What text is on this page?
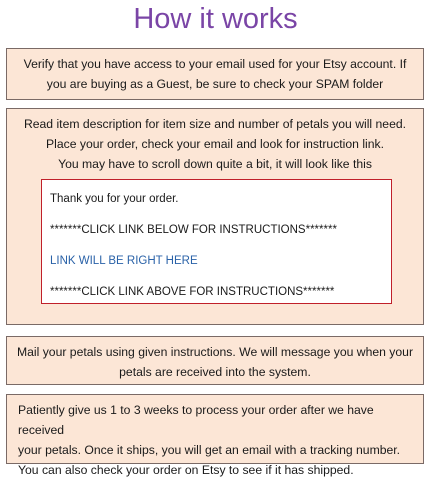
How it works

Verify that you have access to your email used for your Etsy account. If

you are buying as a Guest, be sure to check your SPAM folder

Read item description for item size and number of petals you will need.

Place your order, check your email and look for instruction link.

You may have to scroll down quite a bit, it will look like this

Thank you for your order.
*******CLICK LINK BELOW FOR INSTRUCTIONS*******
LINK WILL BE RIGHT HERE
*******CLICK LINK ABOVE FOR INSTRUCTIONS*******

Mail your petals using given instructions. We will message you when your

petals are received into the system.

Patiently give us 1 to 3 weeks to process your order after we have received

your petals. Once it ships, you will get an email with a tracking number.

You can also check your order on Etsy to see if it has shipped.
